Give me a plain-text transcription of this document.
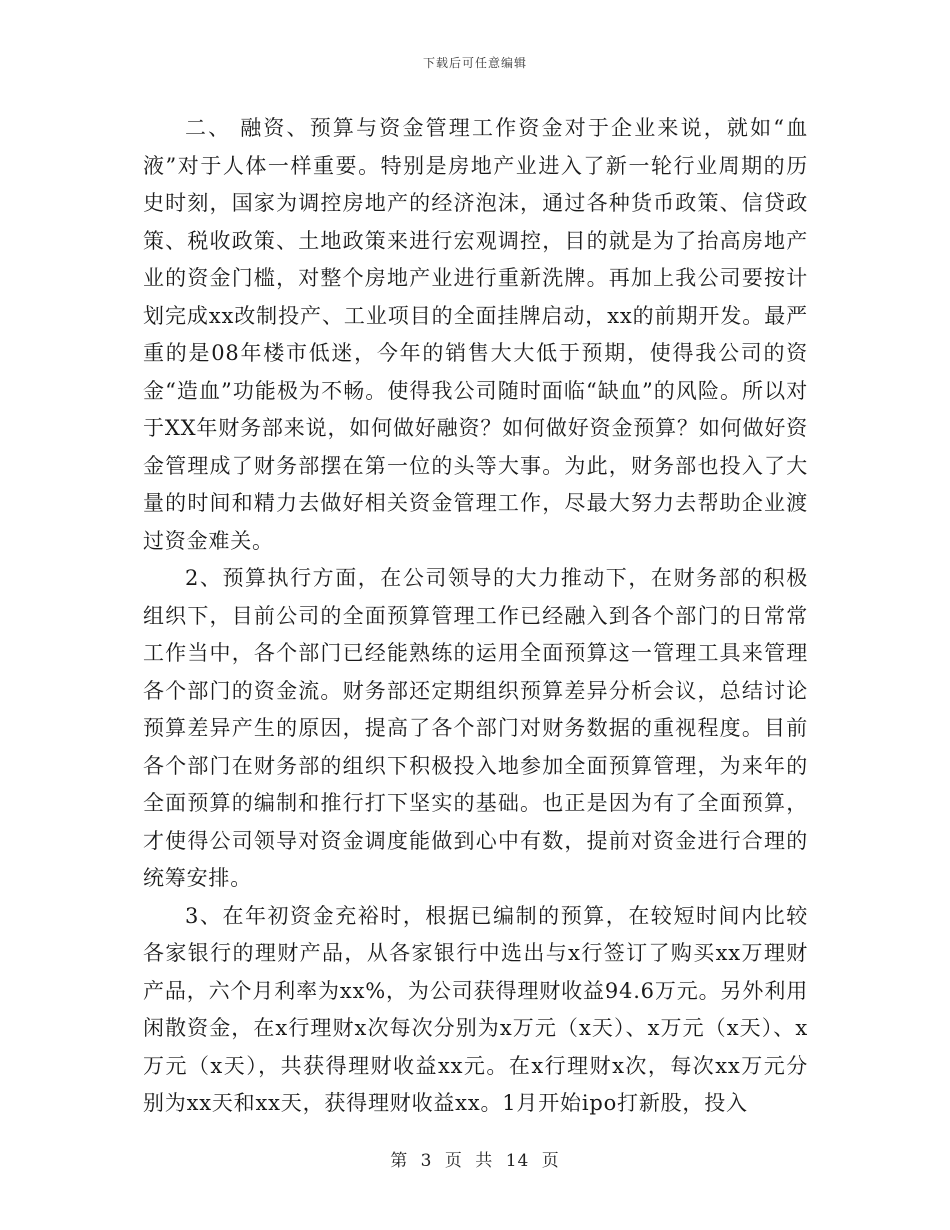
下载后可任意编辑

二、 融资、预算与资金管理工作资金对于企业来说，就如“血液”对于人体一样重要。特别是房地产业进入了新一轮行业周期的历史时刻，国家为调控房地产的经济泡沫，通过各种货币政策、信贷政策、税收政策、土地政策来进行宏观调控，目的就是为了抬高房地产业的资金门槛，对整个房地产业进行重新洗牌。再加上我公司要按计划完成xx改制投产、工业项目的全面挂牌启动，xx的前期开发。最严重的是08年楼市低迷，今年的销售大大低于预期，使得我公司的资金“造血”功能极为不畅。使得我公司随时面临“缺血”的风险。所以对于XX年财务部来说，如何做好融资？如何做好资金预算？如何做好资金管理成了财务部摆在第一位的头等大事。为此，财务部也投入了大量的时间和精力去做好相关资金管理工作，尽最大努力去帮助企业渡过资金难关。

2、预算执行方面，在公司领导的大力推动下，在财务部的积极组织下，目前公司的全面预算管理工作已经融入到各个部门的日常常工作当中，各个部门已经能熟练的运用全面预算这一管理工具来管理各个部门的资金流。财务部还定期组织预算差异分析会议，总结讨论预算差异产生的原因，提高了各个部门对财务数据的重视程度。目前各个部门在财务部的组织下积极投入地参加全面预算管理，为来年的全面预算的编制和推行打下坚实的基础。也正是因为有了全面预算，才使得公司领导对资金调度能做到心中有数，提前对资金进行合理的统筹安排。

3、在年初资金充裕时，根据已编制的预算，在较短时间内比较各家银行的理财产品，从各家银行中选出与x行签订了购买xx万理财产品，六个月利率为xx%，为公司获得理财收益94.6万元。另外利用闲散资金，在x行理财x次每次分别为x万元（x天）、x万元（x天）、x万元（x天），共获得理财收益xx元。在x行理财x次，每次xx万元分别为xx天和xx天，获得理财收益xx。1月开始ipo打新股，投入

第 3 页 共 14 页
